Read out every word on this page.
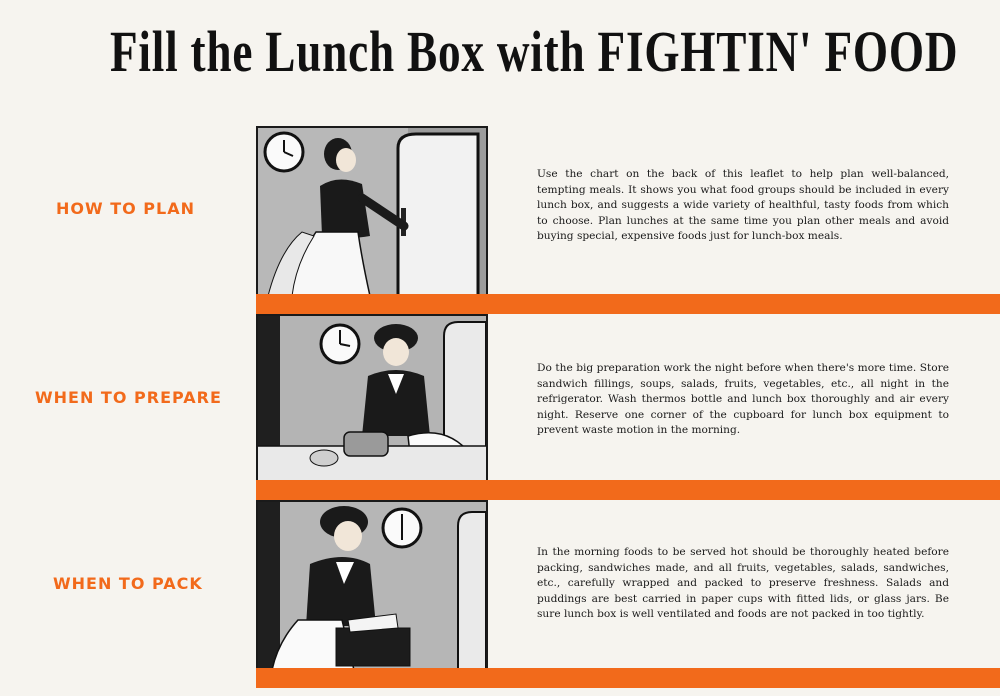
Fill the Lunch Box with FIGHTIN' FOOD
HOW TO PLAN
Use the chart on the back of this leaflet to help plan well-balanced, tempting meals. It shows you what food groups should be included in every lunch box, and suggests a wide variety of healthful, tasty foods from which to choose. Plan lunches at the same time you plan other meals and avoid buying special, expensive foods just for lunch-box meals.
WHEN TO PREPARE
Do the big preparation work the night before when there's more time. Store sandwich fillings, soups, salads, fruits, vegetables, etc., all night in the refrigerator. Wash thermos bottle and lunch box thoroughly and air every night. Reserve one corner of the cupboard for lunch box equipment to prevent waste motion in the morning.
WHEN TO PACK
In the morning foods to be served hot should be thoroughly heated before packing, sandwiches made, and all fruits, vegetables, salads, sandwiches, etc., carefully wrapped and packed to preserve freshness. Salads and puddings are best carried in paper cups with fitted lids, or glass jars. Be sure lunch box is well ventilated and foods are not packed in too tightly.
